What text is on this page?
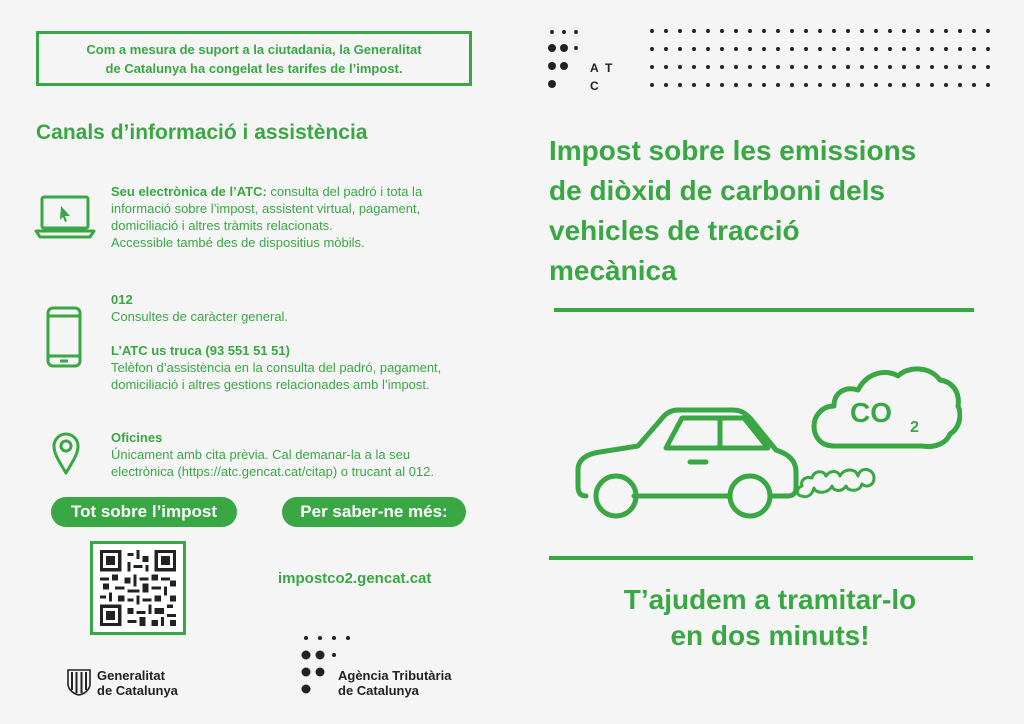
Com a mesura de suport a la ciutadania, la Generalitat
de Catalunya ha congelat les tarifes de l’impost.
Canals d’informació i assistència
Seu electrònica de l’ATC: consulta del padró i tota la
informació sobre l’impost, assistent virtual, pagament,
domiciliació i altres tràmits relacionats.
Accessible també des de dispositius mòbils.
012
Consultes de caràcter general.
L’ATC us truca (93 551 51 51)
Telèfon d’assistència en la consulta del padró, pagament,
domiciliació i altres gestions relacionades amb l’impost.
Oficines
Únicament amb cita prèvia. Cal demanar-la a la seu
electrònica (https://atc.gencat.cat/citap) o trucant al 012.
Tot sobre l’impost	Per saber-ne més:
impostco2.gencat.cat
Generalitat
de Catalunya
Agència Tributària
de Catalunya
A T
C
Impost sobre les emissions
de diòxid de carboni dels
vehicles de tracció
mecànica
CO 2
T’ajudem a tramitar-lo
en dos minuts!
